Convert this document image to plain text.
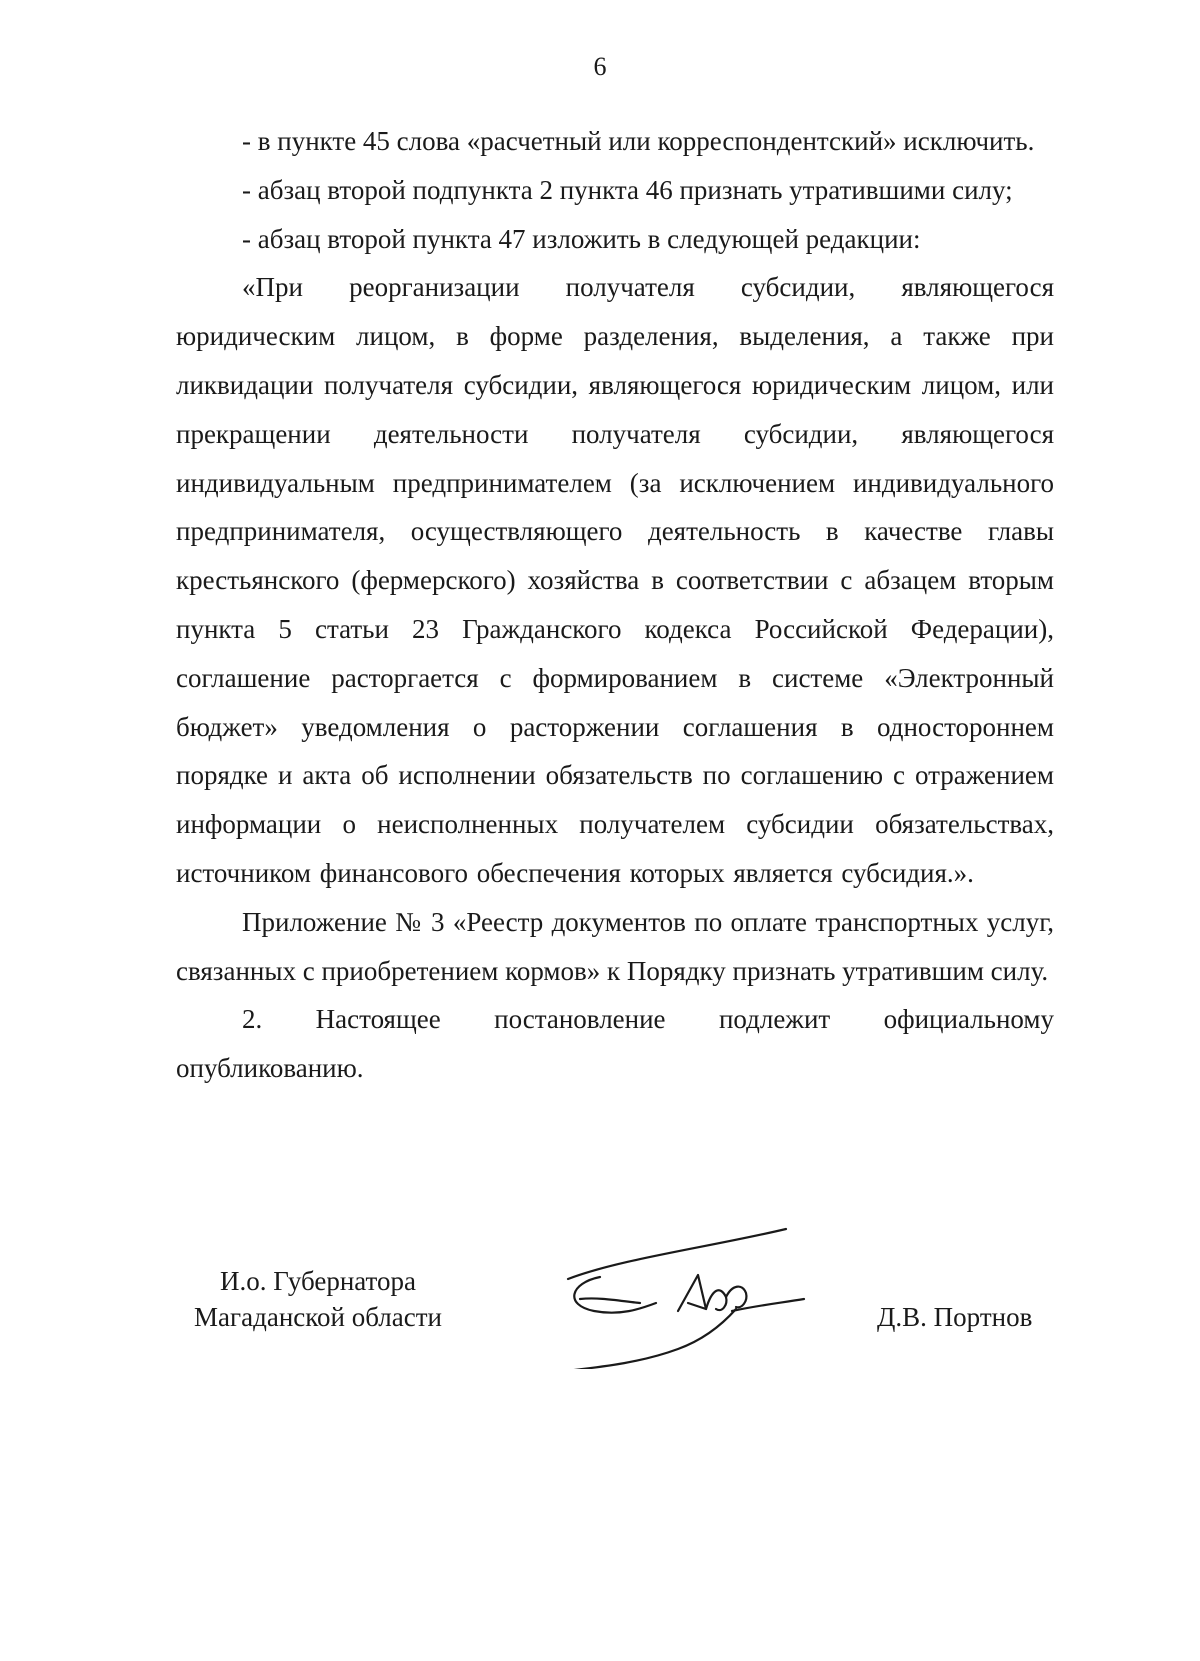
6

- в пункте 45 слова «расчетный или корреспондентский» исключить.

- абзац второй подпункта 2 пункта 46 признать утратившими силу;

- абзац второй пункта 47 изложить в следующей редакции:

«При реорганизации получателя субсидии, являющегося юридическим лицом, в форме разделения, выделения, а также при ликвидации получателя субсидии, являющегося юридическим лицом, или прекращении деятельности получателя субсидии, являющегося индивидуальным предпринимателем (за исключением индивидуального предпринимателя, осуществляющего деятельность в качестве главы крестьянского (фермерского) хозяйства в соответствии с абзацем вторым пункта 5 статьи 23 Гражданского кодекса Российской Федерации), соглашение расторгается с формированием в системе «Электронный бюджет» уведомления о расторжении соглашения в одностороннем порядке и акта об исполнении обязательств по соглашению с отражением информации о неисполненных получателем субсидии обязательствах, источником финансового обеспечения которых является субсидия.».

Приложение № 3 «Реестр документов по оплате транспортных услуг, связанных с приобретением кормов» к Порядку признать утратившим силу.

2. Настоящее постановление подлежит официальному опубликованию.

И.о. Губернатора
Магаданской области	Д.В. Портнов
